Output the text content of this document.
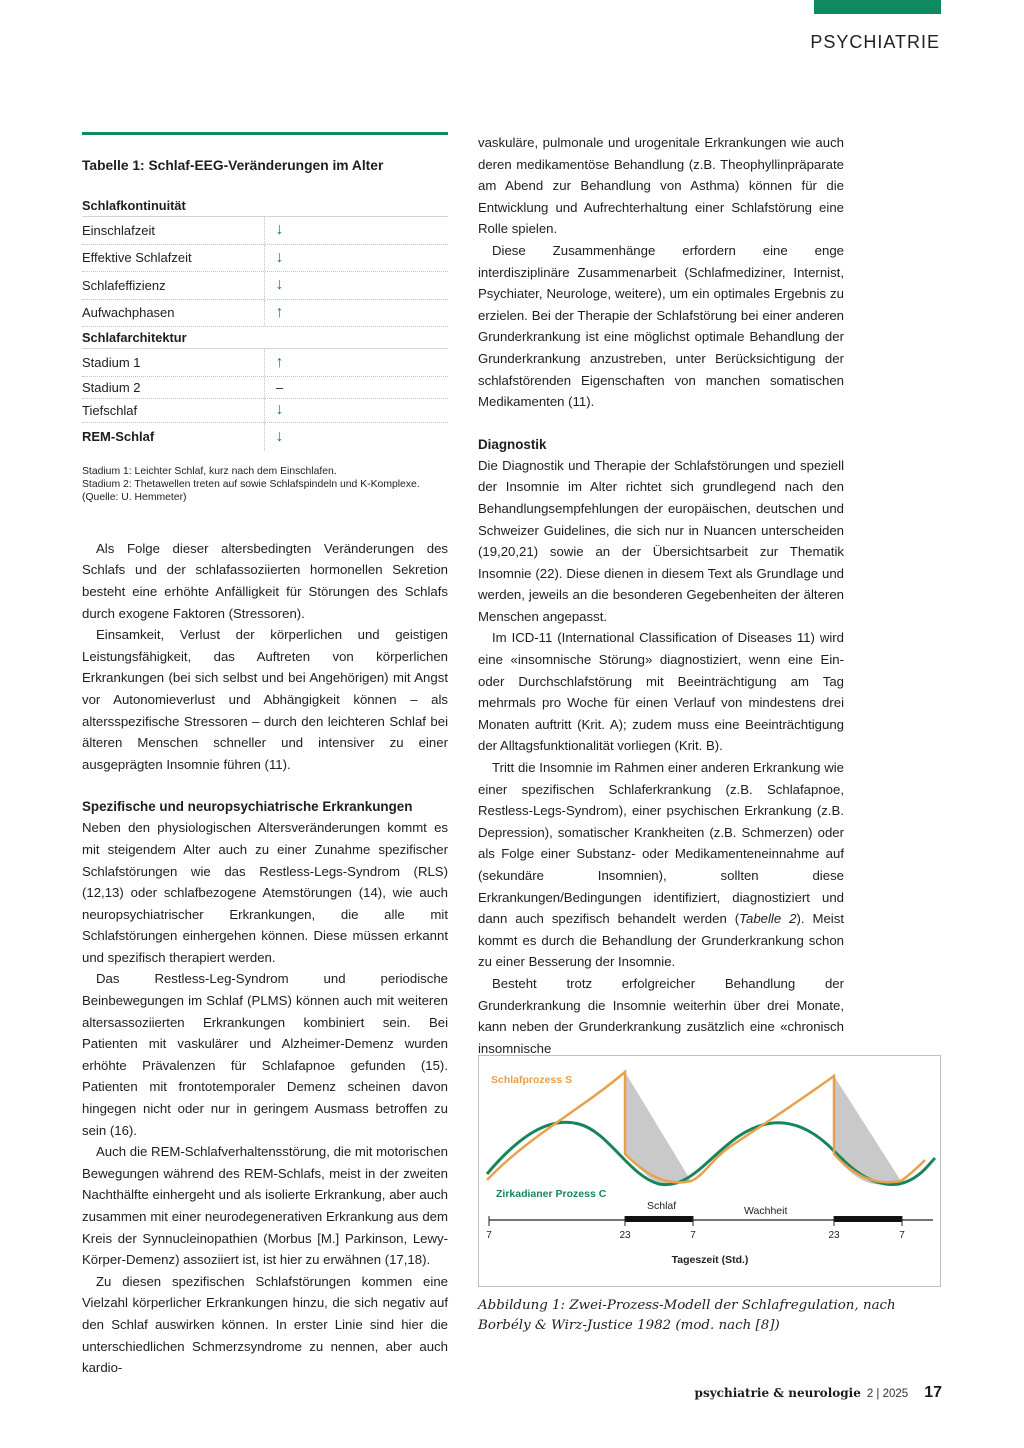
PSYCHIATRIE
Tabelle 1: Schlaf-EEG-Veränderungen im Alter
Schlafkontinuität
Einschlafzeit	↓
Effektive Schlafzeit	↓
Schlafeffizienz	↓
Aufwachphasen	↑
Schlafarchitektur
Stadium 1	↑
Stadium 2	–
Tiefschlaf	↓
REM-Schlaf	↓
Stadium 1: Leichter Schlaf, kurz nach dem Einschlafen.
Stadium 2: Thetawellen treten auf sowie Schlafspindeln und K-Komplexe.
(Quelle: U. Hemmeter)

Als Folge dieser altersbedingten Veränderungen des Schlafs und der schlafassoziierten hormonellen Sekretion besteht eine erhöhte Anfälligkeit für Störungen des Schlafs durch exogene Faktoren (Stressoren).

Einsamkeit, Verlust der körperlichen und geistigen Leistungsfähigkeit, das Auftreten von körperlichen Erkrankungen (bei sich selbst und bei Angehörigen) mit Angst vor Autonomieverlust und Abhängigkeit können – als altersspezifische Stressoren – durch den leichteren Schlaf bei älteren Menschen schneller und intensiver zu einer ausgeprägten Insomnie führen (11).

Spezifische und neuropsychiatrische Erkrankungen

Neben den physiologischen Altersveränderungen kommt es mit steigendem Alter auch zu einer Zunahme spezifischer Schlafstörungen wie das Restless-Legs-Syndrom (RLS) (12,13) oder schlafbezogene Atemstörungen (14), wie auch neuropsychiatrischer Erkrankungen, die alle mit Schlafstörungen einhergehen können. Diese müssen erkannt und spezifisch therapiert werden.

Das Restless-Leg-Syndrom und periodische Beinbewegungen im Schlaf (PLMS) können auch mit weiteren altersassoziierten Erkrankungen kombiniert sein. Bei Patienten mit vaskulärer und Alzheimer-Demenz wurden erhöhte Prävalenzen für Schlafapnoe gefunden (15). Patienten mit frontotemporaler Demenz scheinen davon hingegen nicht oder nur in geringem Ausmass betroffen zu sein (16).

Auch die REM-Schlafverhaltensstörung, die mit motorischen Bewegungen während des REM-Schlafs, meist in der zweiten Nachthälfte einhergeht und als isolierte Erkrankung, aber auch zusammen mit einer neurodegenerativen Erkrankung aus dem Kreis der Synnucleinopathien (Morbus [M.] Parkinson, Lewy-Körper-Demenz) assoziiert ist, ist hier zu erwähnen (17,18).

Zu diesen spezifischen Schlafstörungen kommen eine Vielzahl körperlicher Erkrankungen hinzu, die sich negativ auf den Schlaf auswirken können. In erster Linie sind hier die unterschiedlichen Schmerzsyndrome zu nennen, aber auch kardio-

vaskuläre, pulmonale und urogenitale Erkrankungen wie auch deren medikamentöse Behandlung (z.B. Theophyllinpräparate am Abend zur Behandlung von Asthma) können für die Entwicklung und Aufrechterhaltung einer Schlafstörung eine Rolle spielen.

Diese Zusammenhänge erfordern eine enge interdisziplinäre Zusammenarbeit (Schlafmediziner, Internist, Psychiater, Neurologe, weitere), um ein optimales Ergebnis zu erzielen. Bei der Therapie der Schlafstörung bei einer anderen Grunderkrankung ist eine möglichst optimale Behandlung der Grunderkrankung anzustreben, unter Berücksichtigung der schlafstörenden Eigenschaften von manchen somatischen Medikamenten (11).

Diagnostik

Die Diagnostik und Therapie der Schlafstörungen und speziell der Insomnie im Alter richtet sich grundlegend nach den Behandlungsempfehlungen der europäischen, deutschen und Schweizer Guidelines, die sich nur in Nuancen unterscheiden (19,20,21) sowie an der Übersichtsarbeit zur Thematik Insomnie (22). Diese dienen in diesem Text als Grundlage und werden, jeweils an die besonderen Gegebenheiten der älteren Menschen angepasst.

Im ICD-11 (International Classification of Diseases 11) wird eine «insomnische Störung» diagnostiziert, wenn eine Ein- oder Durchschlafstörung mit Beeinträchtigung am Tag mehrmals pro Woche für einen Verlauf von mindestens drei Monaten auftritt (Krit. A); zudem muss eine Beeinträchtigung der Alltagsfunktionalität vorliegen (Krit. B).

Tritt die Insomnie im Rahmen einer anderen Erkrankung wie einer spezifischen Schlaferkrankung (z.B. Schlafapnoe, Restless-Legs-Syndrom), einer psychischen Erkrankung (z.B. Depression), somatischer Krankheiten (z.B. Schmerzen) oder als Folge einer Substanz- oder Medikamenteneinnahme auf (sekundäre Insomnien), sollten diese Erkrankungen/Bedingungen identifiziert, diagnostiziert und dann auch spezifisch behandelt werden (Tabelle 2). Meist kommt es durch die Behandlung der Grunderkrankung schon zu einer Besserung der Insomnie.

Besteht trotz erfolgreicher Behandlung der Grunderkrankung die Insomnie weiterhin über drei Monate, kann neben der Grunderkrankung zusätzlich eine «chronisch insomnische

Schlafprozess S
Zirkadianer Prozess C
Schlaf	Wachheit
7	23	7	23	7
Tageszeit (Std.)
Abbildung 1: Zwei-Prozess-Modell der Schlafregulation, nach Borbély & Wirz-Justice 1982 (mod. nach [8])
psychiatrie & neurologie 2 | 2025 17
